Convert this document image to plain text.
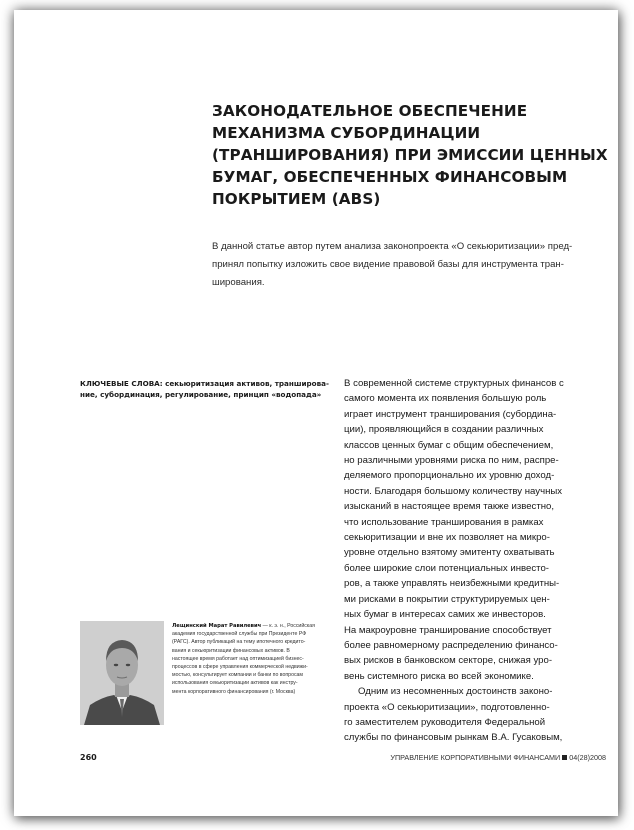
ЗАКОНОДАТЕЛЬНОЕ ОБЕСПЕЧЕНИЕ
МЕХАНИЗМА СУБОРДИНАЦИИ
(ТРАНШИРОВАНИЯ) ПРИ ЭМИССИИ ЦЕННЫХ
БУМАГ, ОБЕСПЕЧЕННЫХ ФИНАНСОВЫМ
ПОКРЫТИЕМ (ABS)

В данной статье автор путем анализа законопроекта «О секьюритизации» пред-
принял попытку изложить свое видение правовой базы для инструмента тран-
ширования.

КЛЮЧЕВЫЕ СЛОВА: секьюритизация активов, транширова-
ние, субординация, регулирование, принцип «водопада»

В современной системе структурных финансов с
самого момента их появления большую роль
играет инструмент транширования (субордина-
ции), проявляющийся в создании различных
классов ценных бумаг с общим обеспечением,
но различными уровнями риска по ним, распре-
деляемого пропорционально их уровню доход-
ности. Благодаря большому количеству научных
изысканий в настоящее время также известно,
что использование транширования в рамках
секьюритизации и вне их позволяет на микро-
уровне отдельно взятому эмитенту охватывать
более широкие слои потенциальных инвесто-
ров, а также управлять неизбежными кредитны-
ми рисками в покрытии структурируемых цен-
ных бумаг в интересах самих же инвесторов.
На макроуровне транширование способствует
более равномерному распределению финансо-
вых рисков в банковском секторе, снижая уро-
вень системного риска во всей экономике.
Одним из несомненных достоинств законо-
проекта «О секьюритизации», подготовленно-
го заместителем руководителя Федеральной
службы по финансовым рынкам В.А. Гусаковым,

Лещинский Марат Равилевич — к. э. н., Российская
академия государственной службы при Президенте РФ
(РАГС). Автор публикаций на тему ипотечного кредито-
вания и секьюритизации финансовых активов. В
настоящее время работает над оптимизацией бизнес-
процессов в сфере управления коммерческой недвижи-
мостью, консультирует компании и банки по вопросам
использования секьюритизации активов как инстру-
мента корпоративного финансирования (г. Москва)

260	УПРАВЛЕНИЕ КОРПОРАТИВНЫМИ ФИНАНСАМИ 04(28)2008
